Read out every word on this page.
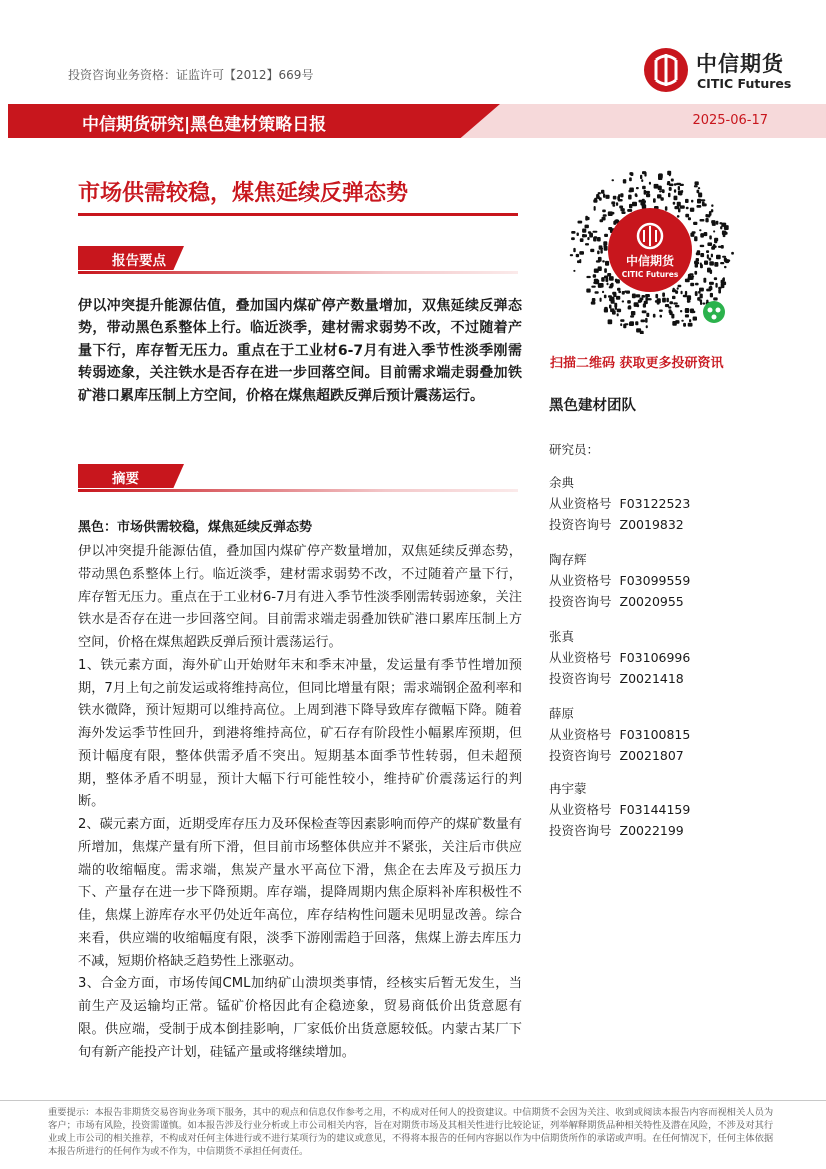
投资咨询业务资格：证监许可【2012】669号	中信期货
CITIC Futures
中信期货研究|黑色建材策略日报	2025-06-17
市场供需较稳，煤焦延续反弹态势
报告要点
伊以冲突提升能源估值，叠加国内煤矿停产数量增加，双焦延续反弹态势，带动黑色系整体上行。临近淡季，建材需求弱势不改，不过随着产量下行，库存暂无压力。重点在于工业材6-7月有进入季节性淡季刚需转弱迹象，关注铁水是否存在进一步回落空间。目前需求端走弱叠加铁矿港口累库压制上方空间，价格在煤焦超跌反弹后预计震荡运行。
摘要
黑色：市场供需较稳，煤焦延续反弹态势

伊以冲突提升能源估值，叠加国内煤矿停产数量增加，双焦延续反弹态势，带动黑色系整体上行。临近淡季，建材需求弱势不改，不过随着产量下行，库存暂无压力。重点在于工业材6-7月有进入季节性淡季刚需转弱迹象，关注铁水是否存在进一步回落空间。目前需求端走弱叠加铁矿港口累库压制上方空间，价格在煤焦超跌反弹后预计震荡运行。

1、铁元素方面，海外矿山开始财年末和季末冲量，发运量有季节性增加预期，7月上旬之前发运或将维持高位，但同比增量有限；需求端钢企盈利率和铁水微降，预计短期可以维持高位。上周到港下降导致库存微幅下降。随着海外发运季节性回升，到港将维持高位，矿石存有阶段性小幅累库预期，但预计幅度有限，整体供需矛盾不突出。短期基本面季节性转弱，但未超预期，整体矛盾不明显，预计大幅下行可能性较小，维持矿价震荡运行的判断。

2、碳元素方面，近期受库存压力及环保检查等因素影响而停产的煤矿数量有所增加，焦煤产量有所下滑，但目前市场整体供应并不紧张，关注后市供应端的收缩幅度。需求端，焦炭产量水平高位下滑，焦企在去库及亏损压力下、产量存在进一步下降预期。库存端，提降周期内焦企原料补库积极性不佳，焦煤上游库存水平仍处近年高位，库存结构性问题未见明显改善。综合来看，供应端的收缩幅度有限，淡季下游刚需趋于回落，焦煤上游去库压力不减，短期价格缺乏趋势性上涨驱动。

3、合金方面，市场传闻CML加纳矿山溃坝类事情，经核实后暂无发生，当前生产及运输均正常。锰矿价格因此有企稳迹象，贸易商低价出货意愿有限。供应端，受制于成本倒挂影响，厂家低价出货意愿较低。内蒙古某厂下旬有新产能投产计划，硅锰产量或将继续增加。

中信期货
CITIC Futures
扫描二维码 获取更多投研资讯
黑色建材团队
研究员：
余典
从业资格号 F03122523
投资咨询号 Z0019832
陶存辉
从业资格号 F03099559
投资咨询号 Z0020955
张真
从业资格号 F03106996
投资咨询号 Z0021418
薛原
从业资格号 F03100815
投资咨询号 Z0021807
冉宇蒙
从业资格号 F03144159
投资咨询号 Z0022199
重要提示：本报告非期货交易咨询业务项下服务，其中的观点和信息仅作参考之用，不构成对任何人的投资建议。中信期货不会因为关注、收到或阅读本报告内容而视相关人员为客户；市场有风险，投资需谨慎。如本报告涉及行业分析或上市公司相关内容，旨在对期货市场及其相关性进行比较论证，列举解释期货品种相关特性及潜在风险，不涉及对其行业或上市公司的相关推荐，不构成对任何主体进行或不进行某项行为的建议或意见，不得将本报告的任何内容据以作为中信期货所作的承诺或声明。在任何情况下，任何主体依据本报告所进行的任何作为或不作为，中信期货不承担任何责任。
